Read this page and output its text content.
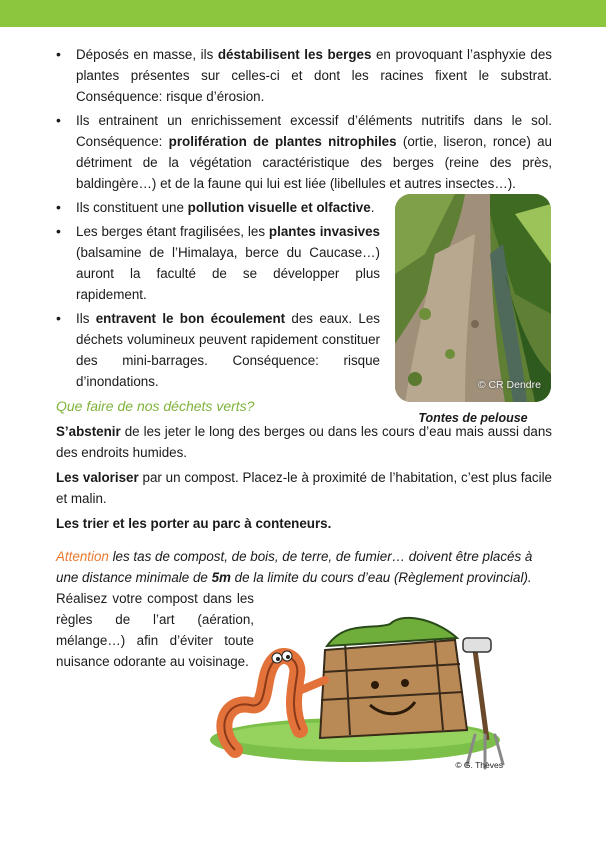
• Déposés en masse, ils déstabilisent les berges en provoquant l’asphyxie des plantes présentes sur celles-ci et dont les racines fixent le substrat. Conséquence: risque d’érosion.
• Ils entrainent un enrichissement excessif d’éléments nutritifs dans le sol. Conséquence: prolifération de plantes nitrophiles (ortie, liseron, ronce) au détriment de la végétation caractéristique des berges (reine des près, baldingère…) et de la faune qui lui est liée (libellules et autres insectes…).
• Ils constituent une pollution visuelle et olfactive.
• Les berges étant fragilisées, les plantes invasives (balsamine de l’Himalaya, berce du Caucase…) auront la faculté de se développer plus rapidement.
• Ils entravent le bon écoulement des eaux. Les déchets volumineux peuvent rapidement constituer des mini-barrages. Conséquence: risque d’inondations.	© CR Dendre
Tontes de pelouse
Que faire de nos déchets verts?

S’abstenir de les jeter le long des berges ou dans les cours d’eau mais aussi dans des endroits humides.

Les valoriser par un compost. Placez-le à proximité de l’habitation, c’est plus facile et malin.

Les trier et les porter au parc à conteneurs.

Attention les tas de compost, de bois, de terre, de fumier… doivent être placés à une distance minimale de 5m de la limite du cours d’eau (Règlement provincial).

Réalisez votre compost dans les règles de l’art (aération, mélange…) afin d’éviter toute nuisance odorante au voisinage.

© G. Thèves
